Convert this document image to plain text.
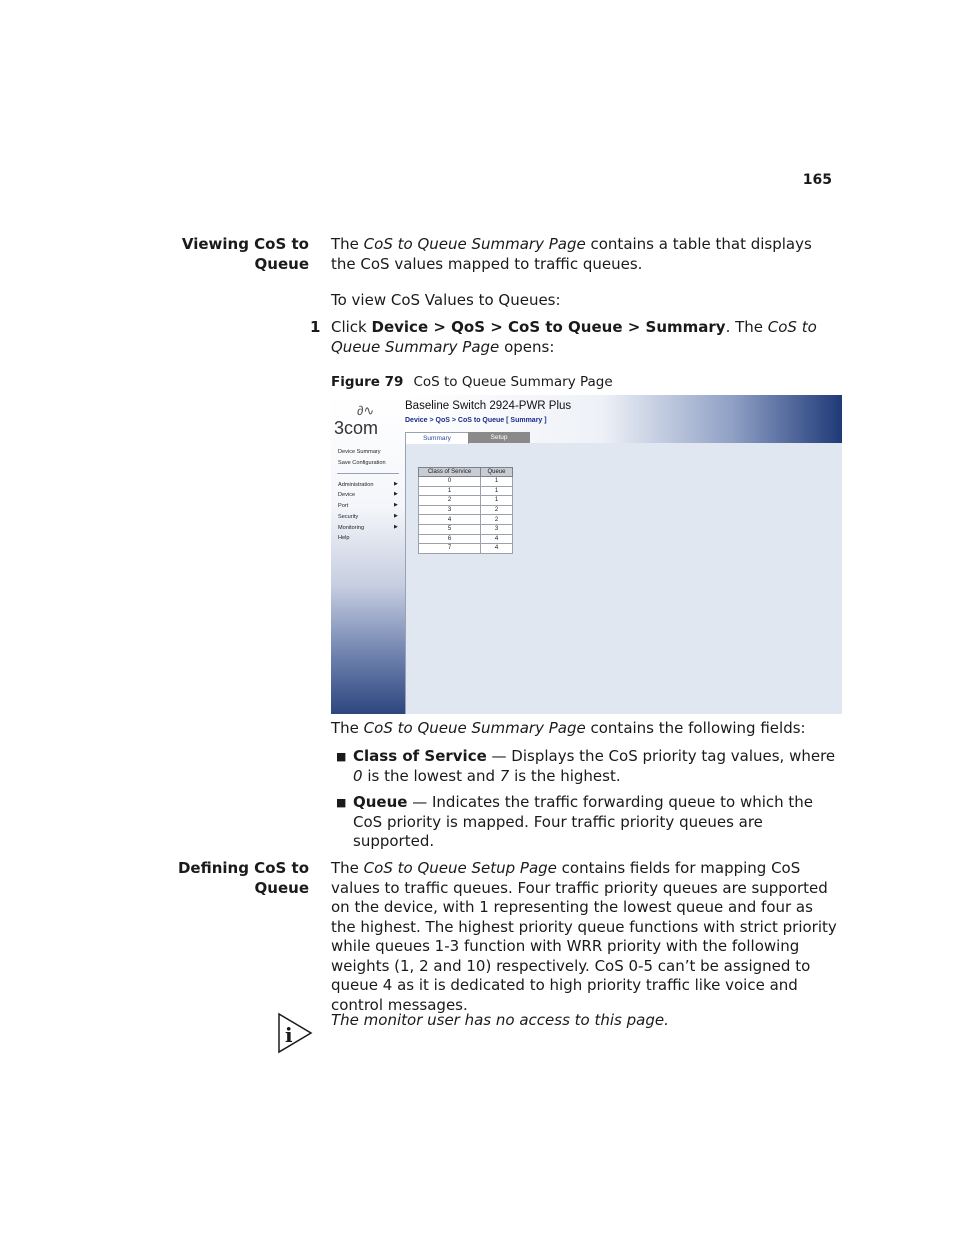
165
Viewing CoS to
Queue
The CoS to Queue Summary Page contains a table that displays the CoS values mapped to traffic queues.
To view CoS Values to Queues:
1 Click Device > QoS > CoS to Queue > Summary. The CoS to Queue Summary Page opens:
Figure 79 CoS to Queue Summary Page
∂∿
3com
Device Summary
Save Configuration
Administration	▶
Device	▶
Port	▶
Security	▶
Monitoring	▶
Help
Baseline Switch 2924-PWR Plus
Device > QoS > CoS to Queue [ Summary ]
Summary	Setup
Class of Service	Queue
0	1
1	1
2	1
3	2
4	2
5	3
6	4
7	4
The CoS to Queue Summary Page contains the following fields:
■ Class of Service — Displays the CoS priority tag values, where 0 is the lowest and 7 is the highest.
■ Queue — Indicates the traffic forwarding queue to which the CoS priority is mapped. Four traffic priority queues are supported.
Defining CoS to
Queue
The CoS to Queue Setup Page contains fields for mapping CoS values to traffic queues. Four traffic priority queues are supported on the device, with 1 representing the lowest queue and four as the highest. The highest priority queue functions with strict priority while queues 1-3 function with WRR priority with the following weights (1, 2 and 10) respectively. CoS 0-5 can’t be assigned to queue 4 as it is dedicated to high priority traffic like voice and control messages.
i
The monitor user has no access to this page.
